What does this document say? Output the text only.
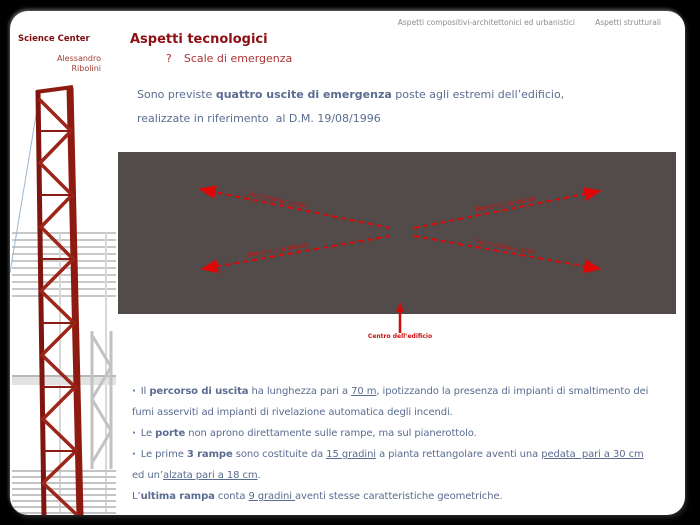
Aspetti compositivi-architettonici ed urbanistici	Aspetti strutturali
Science Center
Alessandro
Ribolini
Aspetti tecnologici
? Scale di emergenza
Sono previste quattro uscite di emergenza poste agli estremi dell’edificio,
realizzate in riferimento  al D.M. 19/08/1996
Percorso di uscita
Percorso di uscita
Percorso di uscita
Percorso di uscita
Centro dell’edificio
· Il percorso di uscita ha lunghezza pari a 70 m, ipotizzando la presenza di impianti di smaltimento dei
fumi asserviti ad impianti di rivelazione automatica degli incendi.
· Le porte non aprono direttamente sulle rampe, ma sul pianerottolo.
· Le prime 3 rampe sono costituite da 15 gradini a pianta rettangolare aventi una pedata  pari a 30 cm
ed un’alzata pari a 18 cm.
L’ultima rampa conta 9 gradini aventi stesse caratteristiche geometriche.
